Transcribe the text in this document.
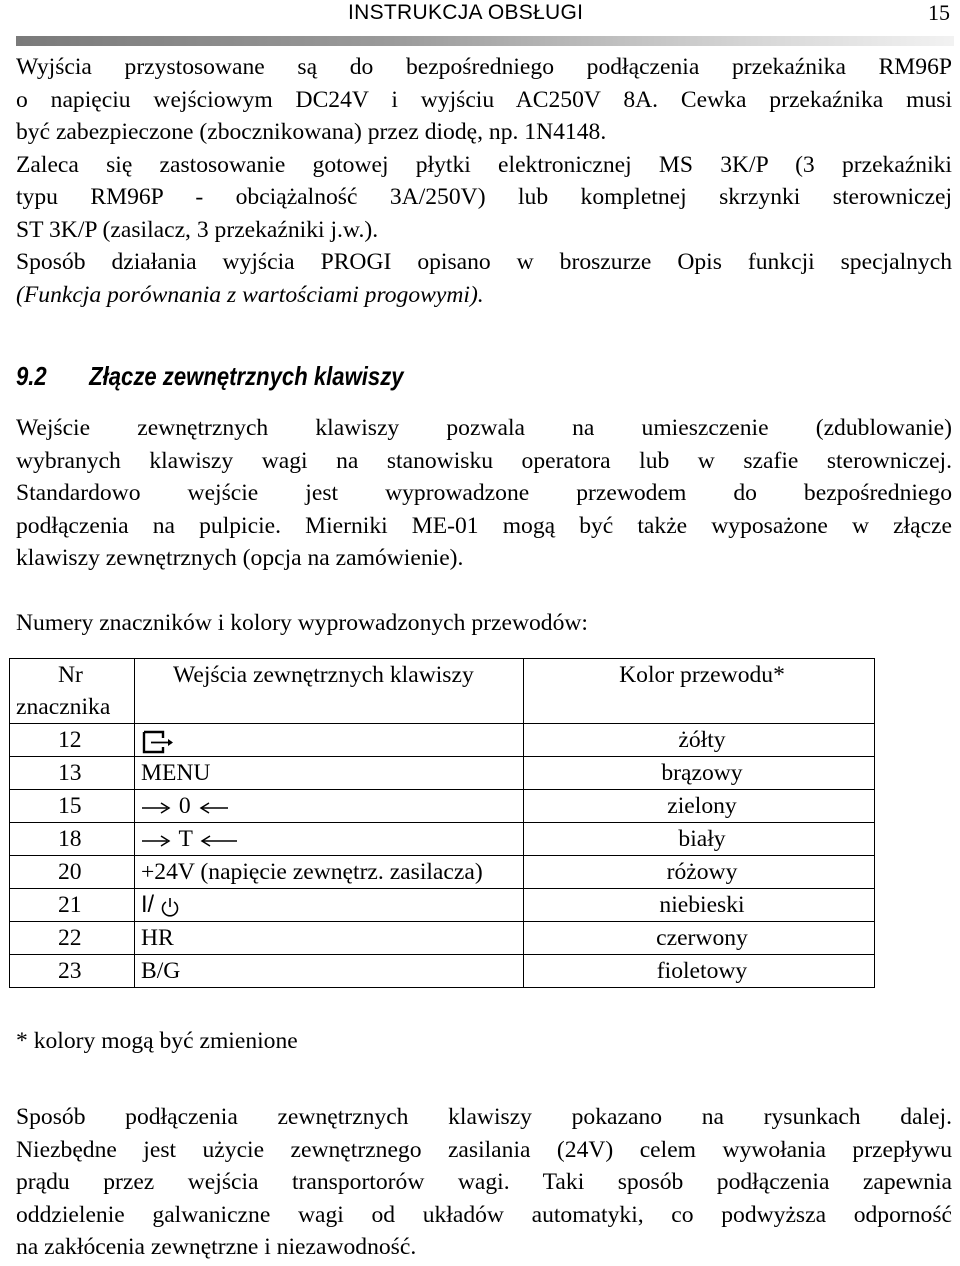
INSTRUKCJA OBSŁUGI	15
Wyjścia przystosowane są do bezpośredniego podłączenia przekaźnika RM96P
o napięciu wejściowym DC24V i wyjściu AC250V 8A. Cewka przekaźnika musi
być zabezpieczone (zbocznikowana) przez diodę, np. 1N4148.
Zaleca się zastosowanie gotowej płytki elektronicznej MS 3K/P (3 przekaźniki
typu RM96P - obciążalność 3A/250V) lub kompletnej skrzynki sterowniczej
ST 3K/P (zasilacz, 3 przekaźniki j.w.).
Sposób działania wyjścia PROGI opisano w broszurze Opis funkcji specjalnych
(Funkcja porównania z wartościami progowymi).
9.2 Złącze zewnętrznych klawiszy
Wejście zewnętrznych klawiszy pozwala na umieszczenie (zdublowanie)
wybranych klawiszy wagi na stanowisku operatora lub w szafie sterowniczej.
Standardowo wejście jest wyprowadzone przewodem do bezpośredniego
podłączenia na pulpicie. Mierniki ME-01 mogą być także wyposażone w złącze
klawiszy zewnętrznych (opcja na zamówienie).
Numery znaczników i kolory wyprowadzonych przewodów:
Nr
znacznika	Wejścia zewnętrznych klawiszy	Kolor przewodu*
12		żółty
13	MENU	brązowy
15	0	zielony
18	T	biały
20	+24V (napięcie zewnętrz. zasilacza)	różowy
21	I/	niebieski
22	HR	czerwony
23	B/G	fioletowy
* kolory mogą być zmienione
Sposób podłączenia zewnętrznych klawiszy pokazano na rysunkach dalej.
Niezbędne jest użycie zewnętrznego zasilania (24V) celem wywołania przepływu
prądu przez wejścia transportorów wagi. Taki sposób podłączenia zapewnia
oddzielenie galwaniczne wagi od układów automatyki, co podwyższa odporność
na zakłócenia zewnętrzne i niezawodność.
